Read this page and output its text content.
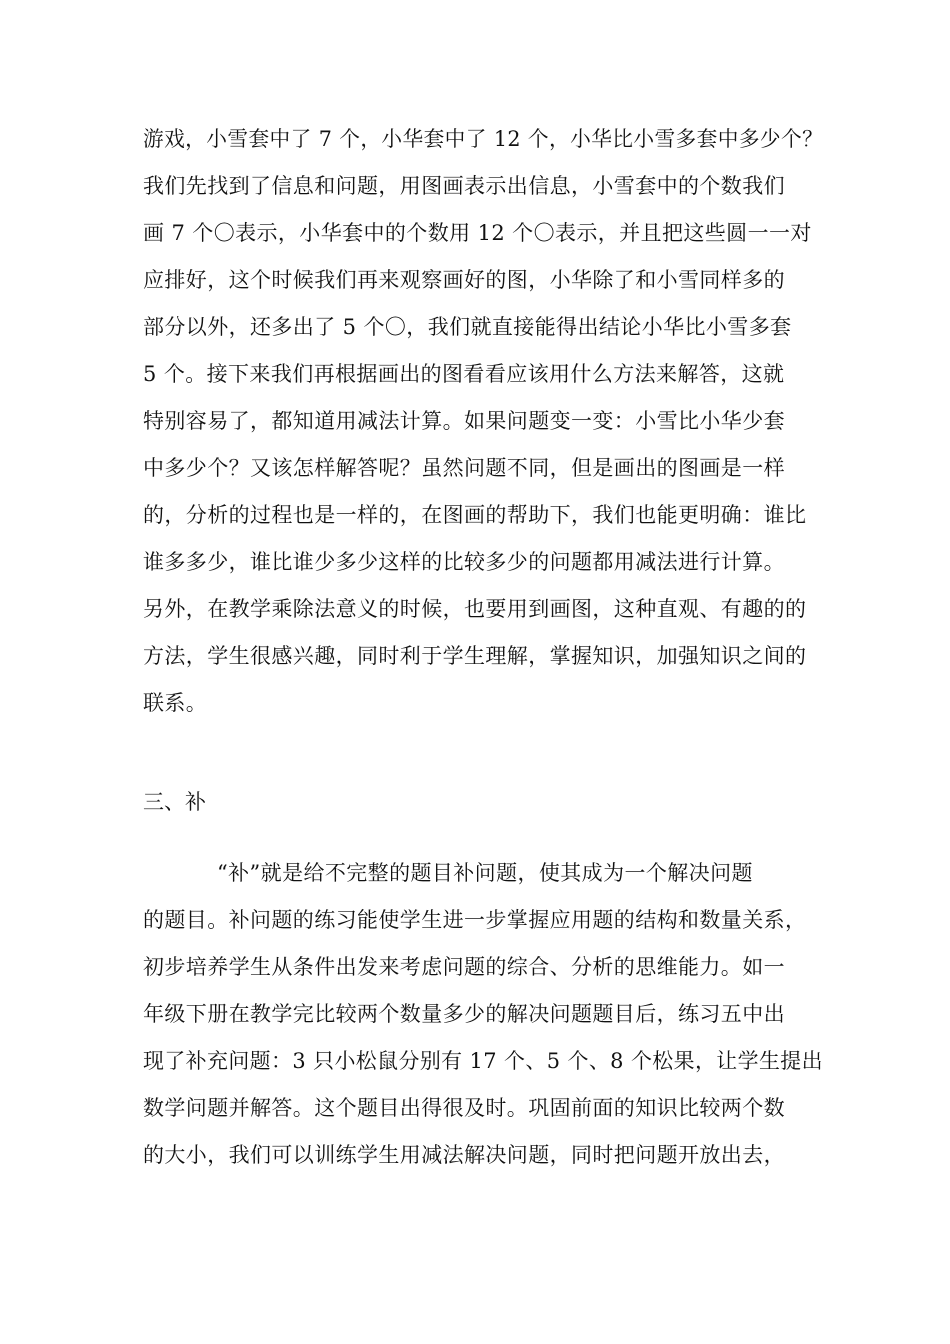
游戏，小雪套中了 7 个，小华套中了 12 个，小华比小雪多套中多少个？
我们先找到了信息和问题，用图画表示出信息，小雪套中的个数我们
画 7 个〇表示，小华套中的个数用 12 个〇表示，并且把这些圆一一对
应排好，这个时候我们再来观察画好的图，小华除了和小雪同样多的
部分以外，还多出了 5 个〇，我们就直接能得出结论小华比小雪多套
5 个。接下来我们再根据画出的图看看应该用什么方法来解答，这就
特别容易了，都知道用减法计算。如果问题变一变：小雪比小华少套
中多少个？又该怎样解答呢？虽然问题不同，但是画出的图画是一样
的，分析的过程也是一样的，在图画的帮助下，我们也能更明确：谁比
谁多多少，谁比谁少多少这样的比较多少的问题都用减法进行计算。
另外，在教学乘除法意义的时候，也要用到画图，这种直观、有趣的的
方法，学生很感兴趣，同时利于学生理解，掌握知识，加强知识之间的
联系。
三、补
“补”就是给不完整的题目补问题，使其成为一个解决问题
的题目。补问题的练习能使学生进一步掌握应用题的结构和数量关系，
初步培养学生从条件出发来考虑问题的综合、分析的思维能力。如一
年级下册在教学完比较两个数量多少的解决问题题目后，练习五中出
现了补充问题：3 只小松鼠分别有 17 个、5 个、8 个松果，让学生提出
数学问题并解答。这个题目出得很及时。巩固前面的知识比较两个数
的大小，我们可以训练学生用减法解决问题，同时把问题开放出去，
